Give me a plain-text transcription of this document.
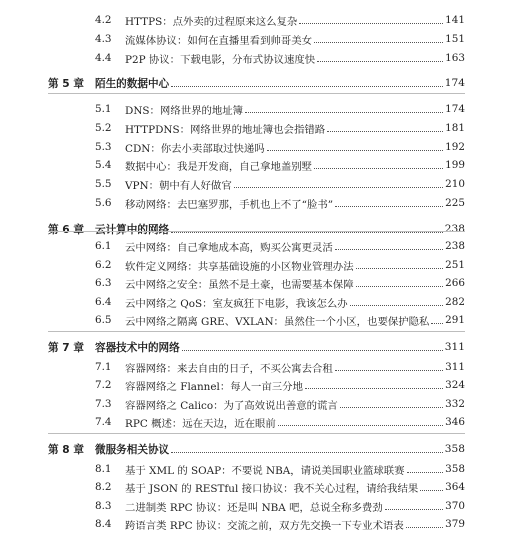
4.2	HTTPS：点外卖的过程原来这么复杂	141
4.3	流媒体协议：如何在直播里看到帅哥美女	151
4.4	P2P 协议：下载电影，分布式协议速度快	163
第 5 章	陌生的数据中心	174
5.1	DNS：网络世界的地址簿	174
5.2	HTTPDNS：网络世界的地址簿也会指错路	181
5.3	CDN：你去小卖部取过快递吗	192
5.4	数据中心：我是开发商，自己拿地盖别墅	199
5.5	VPN：朝中有人好做官	210
5.6	移动网络：去巴塞罗那，手机也上不了“脸书”	225
第 6 章	云计算中的网络	238
6.1	云中网络：自己拿地成本高，购买公寓更灵活	238
6.2	软件定义网络：共享基础设施的小区物业管理办法	251
6.3	云中网络之安全：虽然不是土豪，也需要基本保障	266
6.4	云中网络之 QoS：室友疯狂下电影，我该怎么办	282
6.5	云中网络之隔离 GRE、VXLAN：虽然住一个小区，也要保护隐私 291
第 7 章	容器技术中的网络	311
7.1	容器网络：来去自由的日子，不买公寓去合租	311
7.2	容器网络之 Flannel：每人一亩三分地	324
7.3	容器网络之 Calico：为了高效说出善意的谎言	332
7.4	RPC 概述：远在天边，近在眼前	346
第 8 章	微服务相关协议	358
8.1	基于 XML 的 SOAP：不要说 NBA，请说美国职业篮球联赛	358
8.2	基于 JSON 的 RESTful 接口协议：我不关心过程，请给我结果	364
8.3	二进制类 RPC 协议：还是叫 NBA 吧，总说全称多费劲	370
8.4	跨语言类 RPC 协议：交流之前，双方先交换一下专业术语表	379
